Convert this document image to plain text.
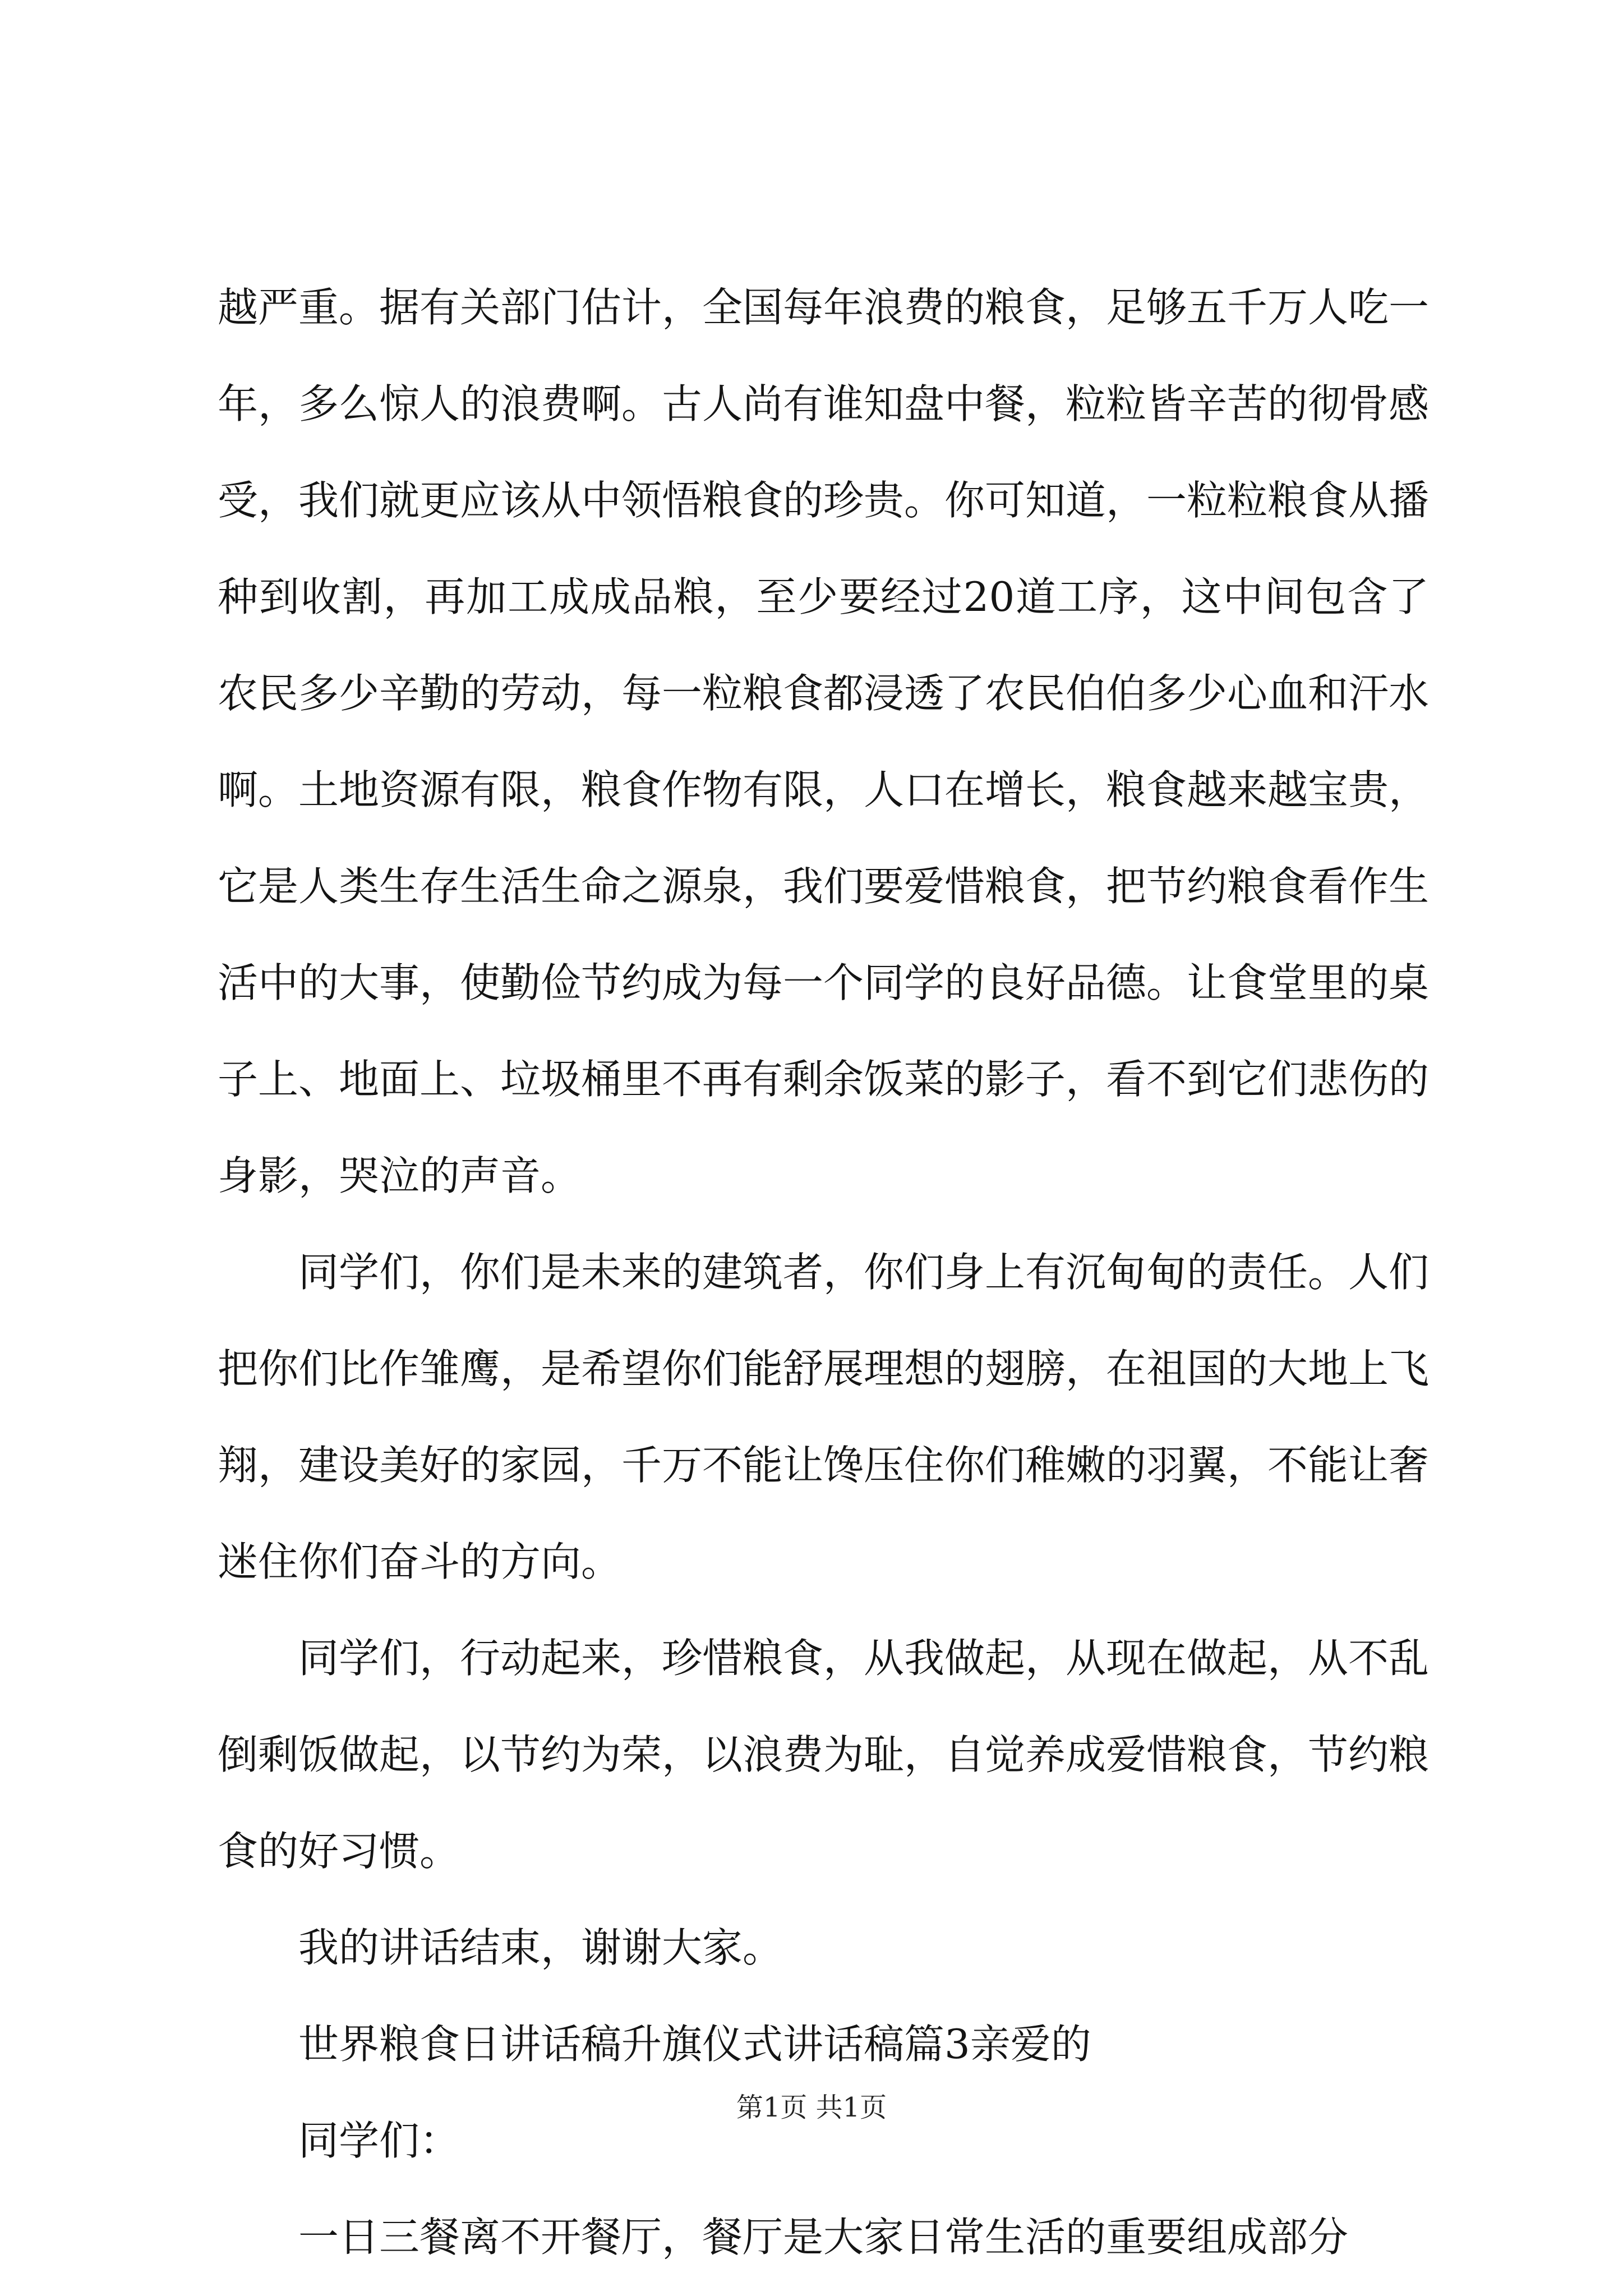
越严重。据有关部门估计，全国每年浪费的粮食，足够五千万人吃一年，多么惊人的浪费啊。古人尚有谁知盘中餐，粒粒皆辛苦的彻骨感受，我们就更应该从中领悟粮食的珍贵。你可知道，一粒粒粮食从播种到收割，再加工成成品粮，至少要经过20道工序，这中间包含了农民多少辛勤的劳动，每一粒粮食都浸透了农民伯伯多少心血和汗水啊。土地资源有限，粮食作物有限，人口在增长，粮食越来越宝贵，它是人类生存生活生命之源泉，我们要爱惜粮食，把节约粮食看作生活中的大事，使勤俭节约成为每一个同学的良好品德。让食堂里的桌子上、地面上、垃圾桶里不再有剩余饭菜的影子，看不到它们悲伤的身影，哭泣的声音。

同学们，你们是未来的建筑者，你们身上有沉甸甸的责任。人们把你们比作雏鹰，是希望你们能舒展理想的翅膀，在祖国的大地上飞翔，建设美好的家园，千万不能让馋压住你们稚嫩的羽翼，不能让奢迷住你们奋斗的方向。

同学们，行动起来，珍惜粮食，从我做起，从现在做起，从不乱倒剩饭做起，以节约为荣，以浪费为耻，自觉养成爱惜粮食，节约粮食的好习惯。

我的讲话结束，谢谢大家。

世界粮食日讲话稿升旗仪式讲话稿篇3亲爱的

同学们：

一日三餐离不开餐厅，餐厅是大家日常生活的重要组成部分

第1页 共1页
